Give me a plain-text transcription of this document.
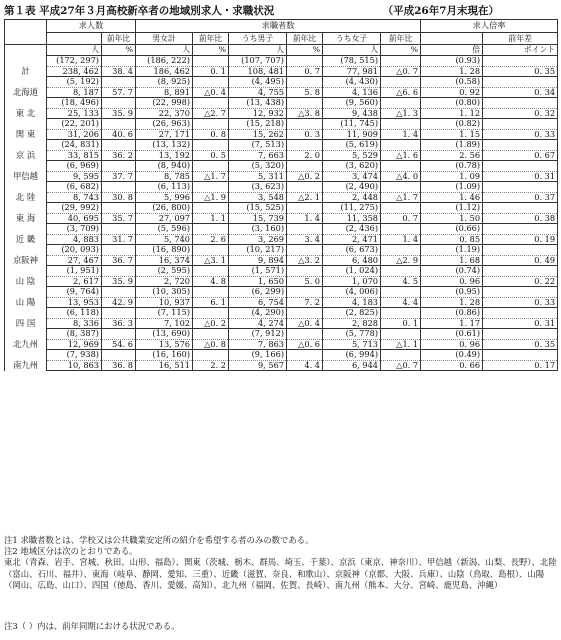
第１表 平成27年３月高校新卒者の地域別求人・求職状況	（平成26年7月末現在）
	求人数		求職者数						求人倍率	
		前年比	男女計	前年比	うち男子	前年比	うち女子	前年比		前年差
	人	%	人	%	人	%	人	%	倍	ポイント
	(172, 297)		(186, 222)		(107, 707)		(78, 515)		(0.93)	
計	238, 462	38. 4	186, 462	0. 1	108, 481	0. 7	77, 981	△0. 7	1. 28	0. 35
	(5, 192)		(8, 925)		(4, 495)		(4, 430)		(0.58)	
北海道	8, 187	57. 7	8, 891	△0. 4	4, 755	5. 8	4, 136	△6. 6	0. 92	0. 34
	(18, 496)		(22, 998)		(13, 438)		(9, 560)		(0.80)	
東 北	25, 133	35. 9	22, 370	△2. 7	12, 932	△3. 8	9, 438	△1. 3	1. 12	0. 32
	(22, 201)		(26, 963)		(15, 218)		(11, 745)		(0.82)	
関 東	31, 206	40. 6	27, 171	0. 8	15, 262	0. 3	11, 909	1. 4	1. 15	0. 33
	(24, 831)		(13, 132)		(7, 513)		(5, 619)		(1.89)	
京 浜	33, 815	36. 2	13, 192	0. 5	7, 663	2. 0	5, 529	△1. 6	2. 56	0. 67
	(6, 969)		(8, 940)		(5, 320)		(3, 620)		(0.78)	
甲信越	9, 595	37. 7	8, 785	△1. 7	5, 311	△0. 2	3, 474	△4. 0	1. 09	0. 31
	(6, 682)		(6, 113)		(3, 623)		(2, 490)		(1.09)	
北 陸	8, 743	30. 8	5, 996	△1. 9	3, 548	△2. 1	2, 448	△1. 7	1. 46	0. 37
	(29, 992)		(26, 800)		(15, 525)		(11, 275)		(1.12)	
東 海	40, 695	35. 7	27, 097	1. 1	15, 739	1. 4	11, 358	0. 7	1. 50	0. 38
	(3, 709)		(5, 596)		(3, 160)		(2, 436)		(0.66)	
近 畿	4, 883	31. 7	5, 740	2. 6	3, 269	3. 4	2, 471	1. 4	0. 85	0. 19
	(20, 093)		(16, 890)		(10, 217)		(6, 673)		(1.19)	
京阪神	27, 467	36. 7	16, 374	△3. 1	9, 894	△3. 2	6, 480	△2. 9	1. 68	0. 49
	(1, 951)		(2, 595)		(1, 571)		(1, 024)		(0.74)	
山 陰	2, 617	35. 9	2, 720	4. 8	1, 650	5. 0	1, 070	4. 5	0. 96	0. 22
	(9, 764)		(10, 305)		(6, 299)		(4, 006)		(0.95)	
山 陽	13, 953	42. 9	10, 937	6. 1	6, 754	7. 2	4, 183	4. 4	1. 28	0. 33
	(6, 118)		(7, 115)		(4, 290)		(2, 825)		(0.86)	
四 国	8, 336	36. 3	7, 102	△0. 2	4, 274	△0. 4	2, 828	0. 1	1. 17	0. 31
	(8, 387)		(13, 690)		(7, 912)		(5, 778)		(0.61)	
北九州	12, 969	54. 6	13, 576	△0. 8	7, 863	△0. 6	5, 713	△1. 1	0. 96	0. 35
	(7, 938)		(16, 160)		(9, 166)		(6, 994)		(0.49)	
南九州	10, 863	36. 8	16, 511	2. 2	9, 567	4. 4	6, 944	△0. 7	0. 66	0. 17
注1 求職者数とは、学校又は公共職業安定所の紹介を希望する者のみの数である。
注2 地域区分は次のとおりである。
東北（青森、岩手、宮城、秋田、山形、福島）、関東（茨城、栃木、群馬、埼玉、千葉）、京浜（東京、神奈川）、甲信越（新潟、山梨、長野）、北陸（富山、石川、福井）、東海（岐阜、静岡、愛知、三重）、近畿（滋賀、奈良、和歌山）、京阪神（京都、大阪、兵庫）、山陰（鳥取、島根）、山陽（岡山、広島、山口）、四国（徳島、香川、愛媛、高知）、北九州（福岡、佐賀、長崎）、南九州（熊本、大分、宮崎、鹿児島、沖縄）
注3（ ）内は、前年同期における状況である。
